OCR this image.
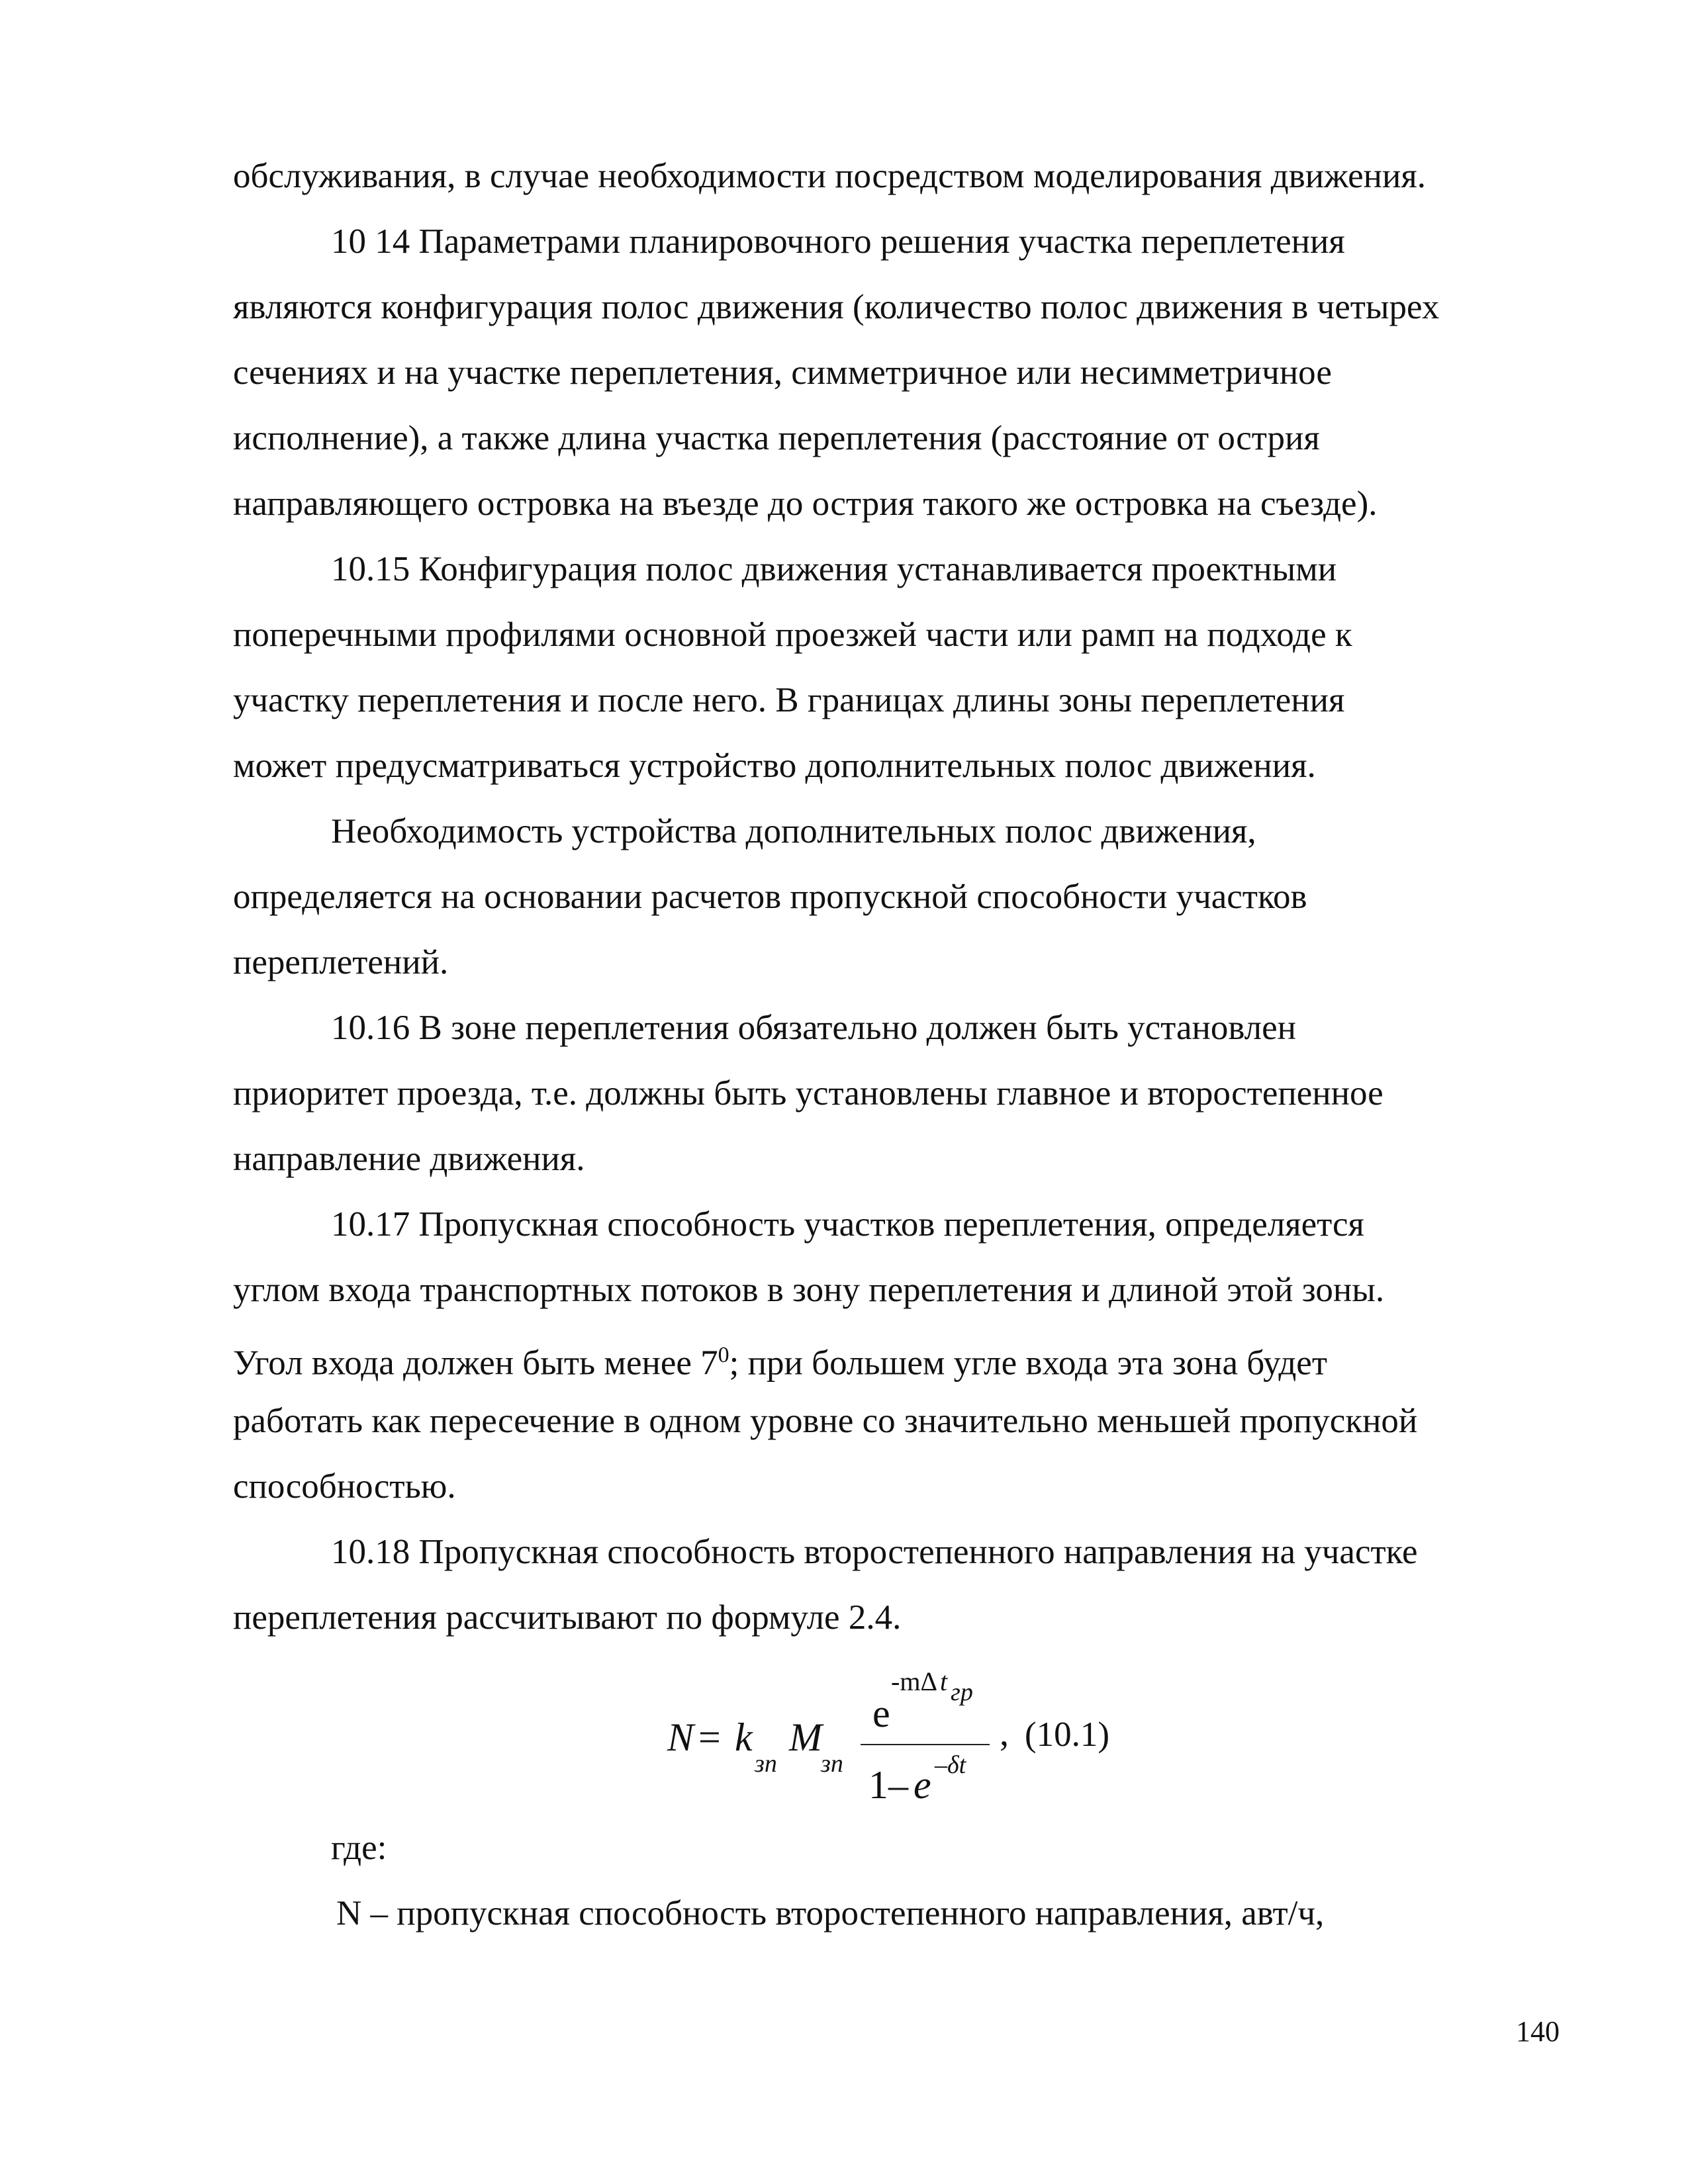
обслуживания, в случае необходимости посредством моделирования движения.
10 14 Параметрами планировочного решения участка переплетения
являются конфигурация полос движения (количество полос движения в четырех
сечениях и на участке переплетения, симметричное или несимметричное
исполнение), а также длина участка переплетения (расстояние от острия
направляющего островка на въезде до острия такого же островка на съезде).
10.15 Конфигурация полос движения устанавливается проектными
поперечными профилями основной проезжей части или рамп на подходе к
участку переплетения и после него. В границах длины зоны переплетения
может предусматриваться устройство дополнительных полос движения.
Необходимость устройства дополнительных полос движения,
определяется на основании расчетов пропускной способности участков
переплетений.
10.16 В зоне переплетения обязательно должен быть установлен
приоритет проезда, т.е. должны быть установлены главное и второстепенное
направление движения.
10.17 Пропускная способность участков переплетения, определяется
углом входа транспортных потоков в зону переплетения и длиной этой зоны.
Угол входа должен быть менее $7^0$; при большем угле входа эта зона будет
работать как пересечение в одном уровне со значительно меньшей пропускной
способностью.
10.18 Пропускная способность второстепенного направления на участке
переплетения рассчитывают по формуле 2.4.
N = k
зп
M
зп
e
-mΔ t гр
1 – e –δt
, (10.1)
где:
N – пропускная способность второстепенного направления, авт/ч,
140
